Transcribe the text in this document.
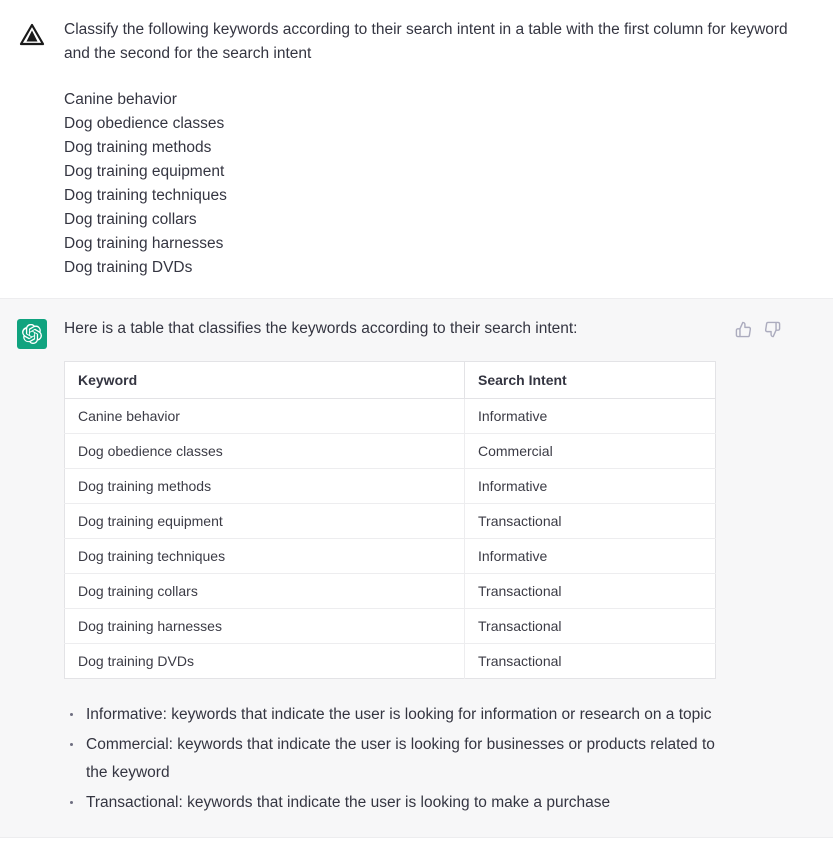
Classify the following keywords according to their search intent in a table with the first column for keyword and the second for the search intent
Canine behavior
Dog obedience classes
Dog training methods
Dog training equipment
Dog training techniques
Dog training collars
Dog training harnesses
Dog training DVDs
Here is a table that classifies the keywords according to their search intent:
Keyword	Search Intent
Canine behavior	Informative
Dog obedience classes	Commercial
Dog training methods	Informative
Dog training equipment	Transactional
Dog training techniques	Informative
Dog training collars	Transactional
Dog training harnesses	Transactional
Dog training DVDs	Transactional
Informative: keywords that indicate the user is looking for information or research on a topic
Commercial: keywords that indicate the user is looking for businesses or products related to the keyword
Transactional: keywords that indicate the user is looking to make a purchase
